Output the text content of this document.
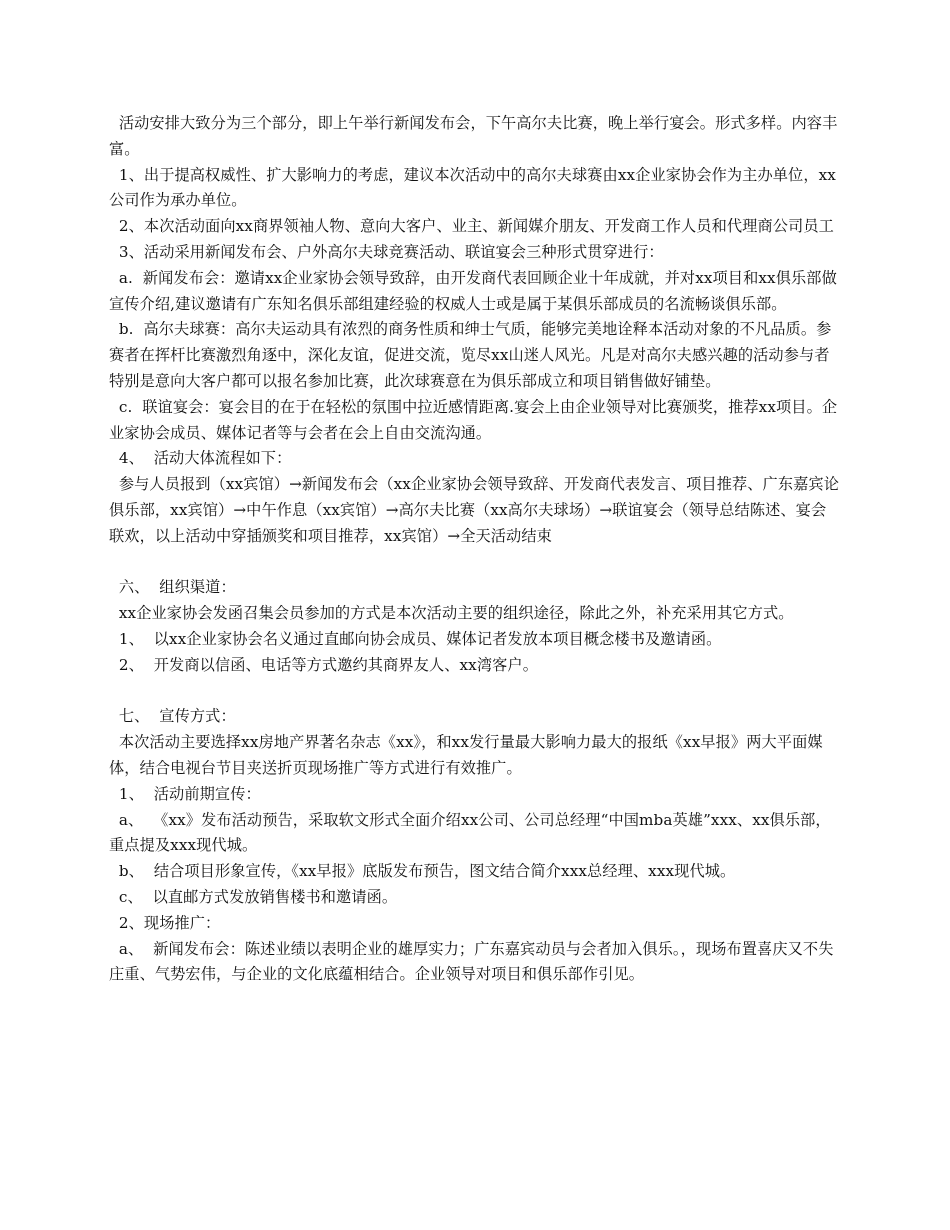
活动安排大致分为三个部分，即上午举行新闻发布会，下午高尔夫比赛，晚上举行宴会。形式多样。内容丰富。

1、出于提高权威性、扩大影响力的考虑，建议本次活动中的高尔夫球赛由xx企业家协会作为主办单位，xx公司作为承办单位。

2、本次活动面向xx商界领袖人物、意向大客户、业主、新闻媒介朋友、开发商工作人员和代理商公司员工

3、活动采用新闻发布会、户外高尔夫球竞赛活动、联谊宴会三种形式贯穿进行：

a.  新闻发布会：邀请xx企业家协会领导致辞，由开发商代表回顾企业十年成就，并对xx项目和xx俱乐部做宣传介绍,建议邀请有广东知名俱乐部组建经验的权威人士或是属于某俱乐部成员的名流畅谈俱乐部。

b.  高尔夫球赛：高尔夫运动具有浓烈的商务性质和绅士气质，能够完美地诠释本活动对象的不凡品质。参赛者在挥杆比赛激烈角逐中，深化友谊，促进交流，览尽xx山迷人风光。凡是对高尔夫感兴趣的活动参与者特别是意向大客户都可以报名参加比赛，此次球赛意在为俱乐部成立和项目销售做好铺垫。

c.  联谊宴会：宴会目的在于在轻松的氛围中拉近感情距离.宴会上由企业领导对比赛颁奖，推荐xx项目。企业家协会成员、媒体记者等与会者在会上自由交流沟通。

4、  活动大体流程如下：

参与人员报到（xx宾馆）→新闻发布会（xx企业家协会领导致辞、开发商代表发言、项目推荐、广东嘉宾论俱乐部，xx宾馆）→中午作息（xx宾馆）→高尔夫比赛（xx高尔夫球场）→联谊宴会（领导总结陈述、宴会联欢，以上活动中穿插颁奖和项目推荐，xx宾馆）→全天活动结束

六、  组织渠道：

xx企业家协会发函召集会员参加的方式是本次活动主要的组织途径，除此之外，补充采用其它方式。

1、  以xx企业家协会名义通过直邮向协会成员、媒体记者发放本项目概念楼书及邀请函。

2、  开发商以信函、电话等方式邀约其商界友人、xx湾客户。

七、  宣传方式：

本次活动主要选择xx房地产界著名杂志《xx》，和xx发行量最大影响力最大的报纸《xx早报》两大平面媒体，结合电视台节目夹送折页现场推广等方式进行有效推广。

1、  活动前期宣传：

a、  《xx》发布活动预告，采取软文形式全面介绍xx公司、公司总经理“中国mba英雄”xxx、xx俱乐部，重点提及xxx现代城。

b、  结合项目形象宣传，《xx早报》底版发布预告，图文结合简介xxx总经理、xxx现代城。

c、  以直邮方式发放销售楼书和邀请函。

2、现场推广：

a、  新闻发布会：陈述业绩以表明企业的雄厚实力；广东嘉宾动员与会者加入俱乐。，现场布置喜庆又不失庄重、气势宏伟，与企业的文化底蕴相结合。企业领导对项目和俱乐部作引见。
